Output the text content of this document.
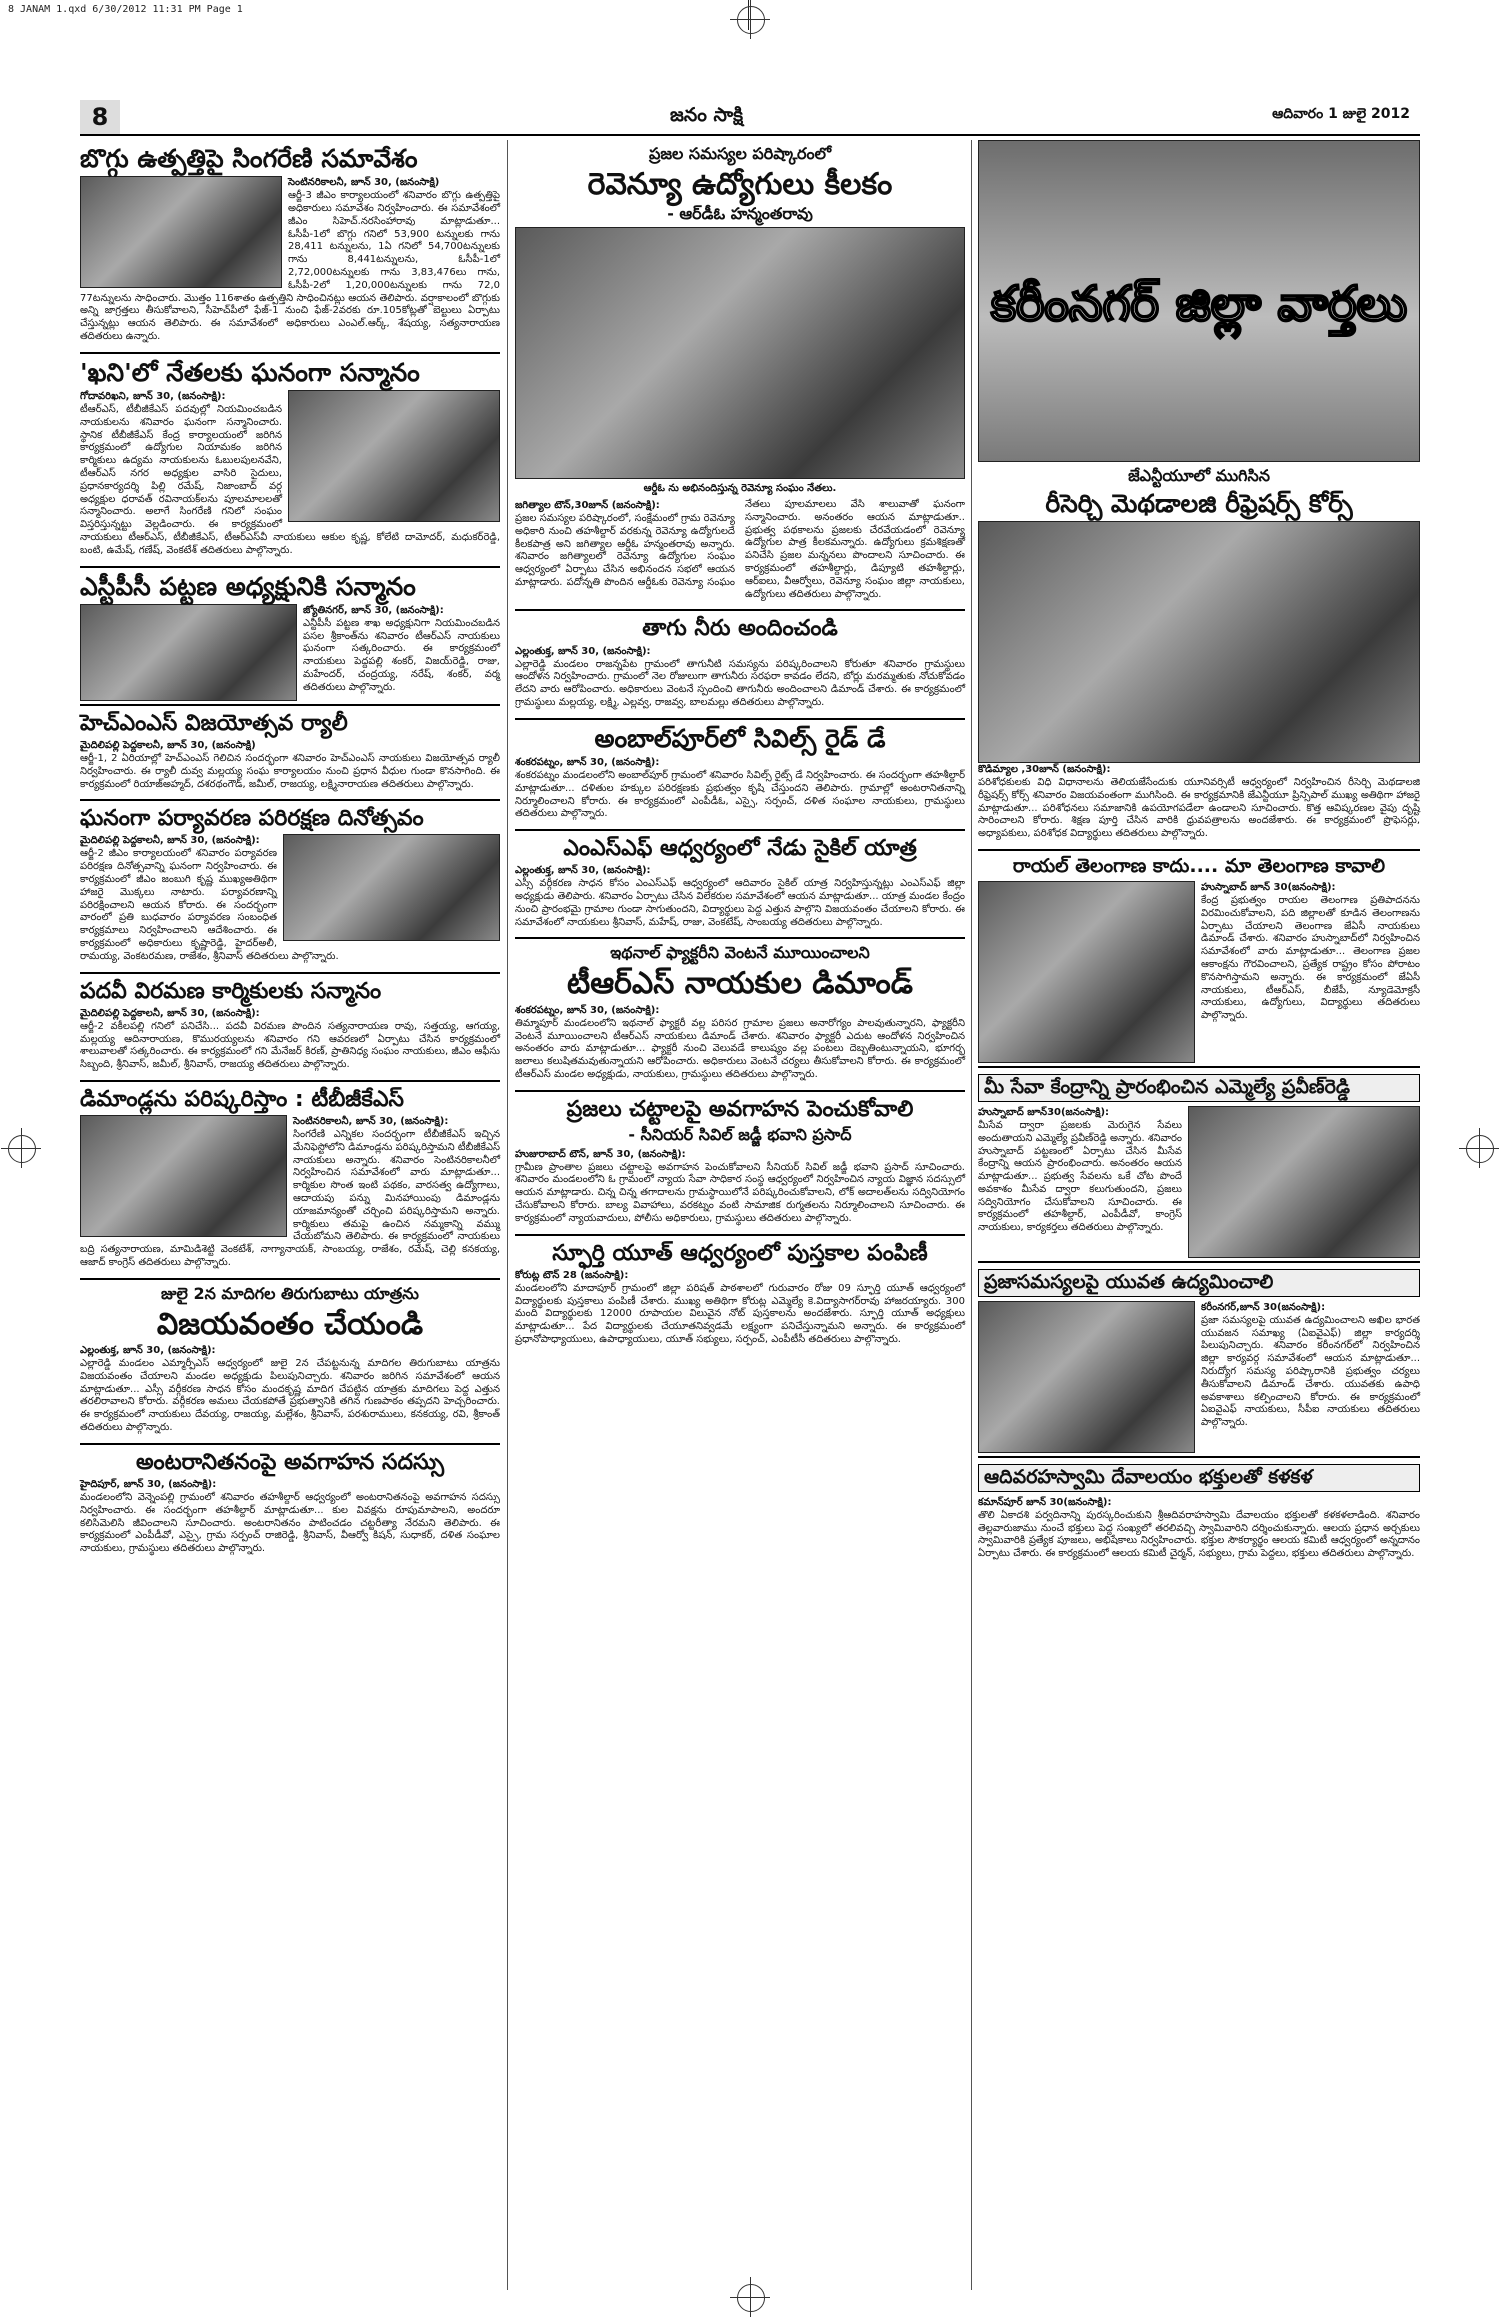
8 JANAM 1.qxd 6/30/2012 11:31 PM Page 1
8	జనం సాక్షి	ఆదివారం 1 జులై 2012
బొగ్గు ఉత్పత్తిపై సింగరేణి సమావేశం
సెంటినరికాలనీ, జూన్‌ 30, (జనంసాక్షి)

ఆర్జీ-3 జీఎం కార్యాలయంలో శనివారం బొగ్గు ఉత్పత్తిపై అధికారులు సమావేశం నిర్వహించారు. ఈ సమావేశంలో జీఎం సిహెచ్‌.నరసింహారావు మాట్లాడుతూ... ఓసీపీ-1లో బొగ్గు గనిలో 53,900 టన్నులకు గాను 28,411 టన్నులను, 1ఏ గనిలో 54,700టన్నులకు గాను 8,441టన్నులను, ఓసీపీ-1లో 2,72,000టన్నులకు గాను 3,83,476లు గాను, ఓసీపీ-2లో 1,20,000టన్నులకు గాను 72,0 77టన్నులను సాధించారు. మొత్తం 116శాతం ఉత్పత్తిని సాధించినట్లు ఆయన తెలిపారు. వర్షాకాలంలో బొగ్గుకు అన్ని జాగ్రత్తలు తీసుకోవాలని, సీహెచ్‌పీలో ఫేజ్‌-1 నుంచి ఫేజ్‌-2వరకు రూ.105కోట్లతో బెల్టులు ఏర్పాటు చేస్తున్నట్లు ఆయన తెలిపారు. ఈ సమావేశంలో అధికారులు ఎంఎల్‌.ఆర్క్‌, శేషయ్య, సత్యనారాయణ తదితరులు ఉన్నారు.

'ఖని'లో నేతలకు ఘనంగా సన్మానం
గోదావరిఖని, జూన్‌ 30, (జనంసాక్షి):

టీఆర్‌ఎస్‌, టీబీజీకేఎస్‌ పదవుల్లో నియమించబడిన నాయకులను శనివారం ఘనంగా సన్మానించారు. స్థానిక టీబీజీకేఎస్‌ కేంద్ర కార్యాలయంలో జరిగిన కార్యక్రమంలో ఉద్యోగుల నియామకం జరిగిన కార్మికులు ఉద్యమ నాయకులను ఓబులపులనవేని, టీఆర్‌ఎస్‌ నగర అధ్యక్షుల వాసిరి సైదులు, ప్రధానకార్యదర్శి పిల్లి రమేష్‌, నిజాంబాద్‌ వర్గ అధ్యక్షుల ధరావత్‌ రవినాయక్‌లను పూలమాలలతో సన్మానించారు. అలాగే సింగరేణి గనిలో సంఘం విస్తరిస్తున్నట్టు వెల్లడించారు. ఈ కార్యక్రమంలో నాయకులు టీఆర్‌ఎస్‌, టీబీజీకేఎస్‌, టీఆర్‌ఎస్‌వీ నాయకులు ఆకుల కృష్ణ, కోలేటి దామోదర్‌, మధుకర్‌రెడ్డి, బంటి, ఉమేష్‌, గణేష్‌, వెంకటేశ్‌ తదితరులు పాల్గొన్నారు.

ఎస్టీపీసీ పట్టణ అధ్యక్షునికి సన్మానం
జ్యోతినగర్‌, జూన్‌ 30, (జనంసాక్షి):

ఎన్టీపీసీ పట్టణ శాఖ అధ్యక్షునిగా నియమించబడిన పసల శ్రీకాంత్‌ను శనివారం టీఆర్‌ఎస్‌ నాయకులు ఘనంగా సత్కరించారు. ఈ కార్యక్రమంలో నాయకులు పెద్దపల్లి శంకర్‌, విజయ్‌రెడ్డి, రాజు, మహేందర్‌, చంద్రయ్య, నరేష్‌, శంకర్‌, వర్మ తదితరులు పాల్గొన్నారు.

హెచ్‌ఎంఎస్‌ విజయోత్సవ ర్యాలీ
మైదిలిపల్లి పెద్దకాలనీ, జూన్‌ 30, (జనంసాక్షి)

ఆర్జీ-1, 2 ఏరియాల్లో హెచ్‌ఎంఎస్‌ గెలిచిన సందర్భంగా శనివారం హెచ్‌ఎంఎస్‌ నాయకులు విజయోత్సవ ర్యాలీ నిర్వహించారు. ఈ ర్యాలీ దువ్వ మల్లయ్య సంఘ కార్యాలయం నుంచి ప్రధాన వీధుల గుండా కొనసాగింది. ఈ కార్యక్రమంలో రియాజ్‌అహ్మద్‌, దశరథంగౌడ్‌, జమీల్‌, రాజయ్య, లక్ష్మినారాయణ తదితరులు పాల్గొన్నారు.

ఘనంగా పర్యావరణ పరిరక్షణ దినోత్సవం
మైదిలిపల్లి పెద్దకాలనీ, జూన్‌ 30, (జనంసాక్షి):

ఆర్జీ-2 జీఎం కార్యాలయంలో శనివారం పర్యావరణ పరిరక్షణ దినోత్సవాన్ని ఘనంగా నిర్వహించారు. ఈ కార్యక్రమంలో జీఎం జంబుగి కృష్ణ ముఖ్యఅతిథిగా హాజరై మొక్కలు నాటారు. పర్యావరణాన్ని పరిరక్షించాలని ఆయన కోరారు. ఈ సందర్భంగా వారంలో ప్రతి బుధవారం పర్యావరణ సంబంధిత కార్యక్రమాలు నిర్వహించాలని ఆదేశించారు. ఈ కార్యక్రమంలో అధికారులు కృష్ణారెడ్డి, హైదర్‌అలీ, రామయ్య, వెంకటరమణ, రాజేశం, శ్రీనివాస్‌ తదితరులు పాల్గొన్నారు.

పదవీ విరమణ కార్మికులకు సన్మానం
మైదిలిపల్లి పెద్దకాలనీ, జూన్‌ 30, (జనంసాక్షి):

ఆర్జీ-2 వకీలపల్లి గనిలో పనిచేసి... పదవీ విరమణ పొందిన సత్యనారాయణ రావు, సత్తయ్య, ఆగయ్య, మల్లయ్య ఆదినారాయణ, కొమురయ్యలను శనివారం గని ఆవరణలో ఏర్పాటు చేసిన కార్యక్రమంలో శాలువాలతో సత్కరించారు. ఈ కార్యక్రమంలో గని మేనేజర్‌ కిరణ్‌, ప్రాతినిధ్య సంఘం నాయకులు, జీఎం ఆఫీసు సిబ్బంది, శ్రీనివాస్‌, జమీల్‌, శ్రీనివాస్‌, రాజయ్య తదితరులు పాల్గొన్నారు.

డిమాండ్లను పరిష్కరిస్తాం : టీబీజీకేఎస్‌
సెంటినరికాలనీ, జూన్‌ 30, (జనంసాక్షి):

సింగరేణి ఎన్నికల సందర్భంగా టీబీజీకేఎస్‌ ఇచ్చిన మేనిఫెస్టోలోని డిమాండ్లను పరిష్కరిస్తామని టీబీజీకేఎస్‌ నాయకులు అన్నారు. శనివారం సెంటినరికాలనీలో నిర్వహించిన సమావేశంలో వారు మాట్లాడుతూ... కార్మికుల సొంత ఇంటి పథకం, వారసత్వ ఉద్యోగాలు, ఆదాయపు పన్ను మినహాయింపు డిమాండ్లను యాజమాన్యంతో చర్చించి పరిష్కరిస్తామని అన్నారు. కార్మికులు తమపై ఉంచిన నమ్మకాన్ని వమ్ము చేయబోమని తెలిపారు. ఈ కార్యక్రమంలో నాయకులు బద్రి సత్యనారాయణ, మామిడిశెట్టి వెంకటేశ్‌, నాగ్యానాయక్‌, సాంబయ్య, రాజేశం, రమేష్‌, చెల్లి కనకయ్య, ఆజాద్‌ కాంగ్రెస్‌ తదితరులు పాల్గొన్నారు.

జులై 2న మాదిగల తిరుగుబాటు యాత్రను
విజయవంతం చేయండి
ఎల్లంతుక్త, జూన్‌ 30, (జనంసాక్షి):

ఎల్లారెడ్డి మండలం ఎమ్మార్పీఎస్‌ ఆధ్వర్యంలో జులై 2న చేపట్టనున్న మాదిగల తిరుగుబాటు యాత్రను విజయవంతం చేయాలని మండల అధ్యక్షుడు పిలుపునిచ్చారు. శనివారం జరిగిన సమావేశంలో ఆయన మాట్లాడుతూ... ఎస్సీ వర్గీకరణ సాధన కోసం మందకృష్ణ మాదిగ చేపట్టిన యాత్రకు మాదిగలు పెద్ద ఎత్తున తరలిరావాలని కోరారు. వర్గీకరణ అమలు చేయకపోతే ప్రభుత్వానికి తగిన గుణపాఠం తప్పదని హెచ్చరించారు. ఈ కార్యక్రమంలో నాయకులు దేవయ్య, రాజయ్య, మల్లేశం, శ్రీనివాస్‌, పరశురాములు, కనకయ్య, రవి, శ్రీకాంత్‌ తదితరులు పాల్గొన్నారు.

అంటరానితనంపై అవగాహన సదస్సు
హైదిపూర్‌, జూన్‌ 30, (జనంసాక్షి):

మండలంలోని వెన్నెంపల్లి గ్రామంలో శనివారం తహశీల్దార్‌ ఆధ్వర్యంలో అంటరానితనంపై అవగాహన సదస్సు నిర్వహించారు. ఈ సందర్భంగా తహశీల్దార్‌ మాట్లాడుతూ... కుల వివక్షను రూపుమాపాలని, అందరూ కలిసిమెలిసి జీవించాలని సూచించారు. అంటరానితనం పాటించడం చట్టరీత్యా నేరమని తెలిపారు. ఈ కార్యక్రమంలో ఎంపీడీవో, ఎస్సై, గ్రామ సర్పంచ్‌ రాజిరెడ్డి, శ్రీనివాస్‌, వీఆర్వో కిషన్‌, సుధాకర్‌, దళిత సంఘాల నాయకులు, గ్రామస్థులు తదితరులు పాల్గొన్నారు.

ప్రజల సమస్యల పరిష్కారంలో
రెవెన్యూ ఉద్యోగులు కీలకం
- ఆర్‌డీఓ హన్మంతరావు
ఆర్డీఓ ను అభినందిస్తున్న రెవెన్యూ సంఘం నేతలు.
జగిత్యాల టౌన్‌,30జూన్‌ (జనంసాక్షి):

ప్రజల సమస్యల పరిష్కారంలో, సంక్షేమంలో గ్రామ రెవెన్యూ అధికారి నుంచి తహశీల్దార్‌ వరకున్న రెవెన్యూ ఉద్యోగులదే కీలకపాత్ర అని జగిత్యాల ఆర్డీఓ హన్మంతరావు అన్నారు. శనివారం జగిత్యాలలో రెవెన్యూ ఉద్యోగుల సంఘం ఆధ్వర్యంలో ఏర్పాటు చేసిన అభినందన సభలో ఆయన మాట్లాడారు. పదోన్నతి పొందిన ఆర్డీఓకు రెవెన్యూ సంఘం నేతలు పూలమాలలు వేసి శాలువాతో ఘనంగా సన్మానించారు. అనంతరం ఆయన మాట్లాడుతూ.. ప్రభుత్వ పథకాలను ప్రజలకు చేరవేయడంలో రెవెన్యూ ఉద్యోగుల పాత్ర కీలకమన్నారు. ఉద్యోగులు క్రమశిక్షణతో పనిచేసి ప్రజల మన్ననలు పొందాలని సూచించారు. ఈ కార్యక్రమంలో తహశీల్దార్లు, డిప్యూటి తహశీల్దార్లు, ఆర్‌ఐలు, వీఆర్వోలు, రెవెన్యూ సంఘం జిల్లా నాయకులు, ఉద్యోగులు తదితరులు పాల్గొన్నారు.

తాగు నీరు అందించండి
ఎల్లంతుక్త, జూన్‌ 30, (జనంసాక్షి):

ఎల్లారెడ్డి మండలం రాజన్నపేట గ్రామంలో తాగునీటి సమస్యను పరిష్కరించాలని కోరుతూ శనివారం గ్రామస్థులు ఆందోళన నిర్వహించారు. గ్రామంలో నెల రోజులుగా తాగునీరు సరఫరా కావడం లేదని, బోర్లు మరమ్మతుకు నోచుకోవడం లేదని వారు ఆరోపించారు. అధికారులు వెంటనే స్పందించి తాగునీరు అందించాలని డిమాండ్‌ చేశారు. ఈ కార్యక్రమంలో గ్రామస్థులు మల్లయ్య, లక్ష్మి, ఎల్లవ్వ, రాజవ్వ, బాలమల్లు తదితరులు పాల్గొన్నారు.

అంబాల్‌పూర్‌లో సివిల్స్‌ రైడ్‌ డే
శంకరపట్నం, జూన్‌ 30, (జనంసాక్షి):

శంకరపట్నం మండలంలోని అంబాల్‌పూర్‌ గ్రామంలో శనివారం సివిల్స్‌ రైట్స్‌ డే నిర్వహించారు. ఈ సందర్భంగా తహశీల్దార్‌ మాట్లాడుతూ... దళితుల హక్కుల పరిరక్షణకు ప్రభుత్వం కృషి చేస్తుందని తెలిపారు. గ్రామాల్లో అంటరానితనాన్ని నిర్మూలించాలని కోరారు. ఈ కార్యక్రమంలో ఎంపీడీఓ, ఎస్సై, సర్పంచ్‌, దళిత సంఘాల నాయకులు, గ్రామస్థులు తదితరులు పాల్గొన్నారు.

ఎంఎస్‌ఎఫ్‌ ఆధ్వర్యంలో నేడు సైకిల్‌ యాత్ర
ఎల్లంతుక్త, జూన్‌ 30, (జనంసాక్షి):

ఎస్సీ వర్గీకరణ సాధన కోసం ఎంఎస్‌ఎఫ్‌ ఆధ్వర్యంలో ఆదివారం సైకిల్‌ యాత్ర నిర్వహిస్తున్నట్లు ఎంఎస్‌ఎఫ్‌ జిల్లా అధ్యక్షుడు తెలిపారు. శనివారం ఏర్పాటు చేసిన విలేకరుల సమావేశంలో ఆయన మాట్లాడుతూ... యాత్ర మండల కేంద్రం నుంచి ప్రారంభమై గ్రామాల గుండా సాగుతుందని, విద్యార్థులు పెద్ద ఎత్తున పాల్గొని విజయవంతం చేయాలని కోరారు. ఈ సమావేశంలో నాయకులు శ్రీనివాస్‌, మహేష్‌, రాజు, వెంకటేష్‌, సాంబయ్య తదితరులు పాల్గొన్నారు.

ఇథనాల్‌ ఫ్యాక్టరీని వెంటనే మూయించాలని
టీఆర్‌ఎస్‌ నాయకుల డిమాండ్‌
శంకరపట్నం, జూన్‌ 30, (జనంసాక్షి):

తిమ్మాపూర్‌ మండలంలోని ఇథనాల్‌ ఫ్యాక్టరీ వల్ల పరిసర గ్రామాల ప్రజలు అనారోగ్యం పాలవుతున్నారని, ఫ్యాక్టరీని వెంటనే మూయించాలని టీఆర్‌ఎస్‌ నాయకులు డిమాండ్‌ చేశారు. శనివారం ఫ్యాక్టరీ ఎదుట ఆందోళన నిర్వహించిన అనంతరం వారు మాట్లాడుతూ... ఫ్యాక్టరీ నుంచి వెలువడే కాలుష్యం వల్ల పంటలు దెబ్బతింటున్నాయని, భూగర్భ జలాలు కలుషితమవుతున్నాయని ఆరోపించారు. అధికారులు వెంటనే చర్యలు తీసుకోవాలని కోరారు. ఈ కార్యక్రమంలో టీఆర్‌ఎస్‌ మండల అధ్యక్షుడు, నాయకులు, గ్రామస్థులు తదితరులు పాల్గొన్నారు.

ప్రజలు చట్టాలపై అవగాహన పెంచుకోవాలి
- సీనియర్‌ సివిల్‌ జడ్జీ భవాని ప్రసాద్‌
హుజురాబాద్‌ టౌన్‌, జూన్‌ 30, (జనంసాక్షి):

గ్రామీణ ప్రాంతాల ప్రజలు చట్టాలపై అవగాహన పెంచుకోవాలని సీనియర్‌ సివిల్‌ జడ్జీ భవాని ప్రసాద్‌ సూచించారు. శనివారం మండలంలోని ఓ గ్రామంలో న్యాయ సేవా సాధికార సంస్థ ఆధ్వర్యంలో నిర్వహించిన న్యాయ విజ్ఞాన సదస్సులో ఆయన మాట్లాడారు. చిన్న చిన్న తగాదాలను గ్రామస్థాయిలోనే పరిష్కరించుకోవాలని, లోక్‌ అదాలత్‌లను సద్వినియోగం చేసుకోవాలని కోరారు. బాల్య వివాహాలు, వరకట్నం వంటి సామాజిక రుగ్మతలను నిర్మూలించాలని సూచించారు. ఈ కార్యక్రమంలో న్యాయవాదులు, పోలీసు అధికారులు, గ్రామస్థులు తదితరులు పాల్గొన్నారు.

స్ఫూర్తి యూత్‌ ఆధ్వర్యంలో పుస్తకాల పంపిణీ
కోరుట్ల టౌన్‌ 28 (జనంసాక్షి):

మండలంలోని మాదాపూర్‌ గ్రామంలో జిల్లా పరిషత్‌ పాఠశాలలో గురువారం రోజు 09 స్ఫూర్తి యూత్‌ ఆధ్వర్యంలో విద్యార్థులకు పుస్తకాలు పంపిణీ చేశారు. ముఖ్య అతిథిగా కోరుట్ల ఎమ్మెల్యే కె.విద్యాసాగర్‌రావు హాజరయ్యారు. 300 మంది విద్యార్థులకు 12000 రూపాయల విలువైన నోట్‌ పుస్తకాలను అందజేశారు. స్ఫూర్తి యూత్‌ అధ్యక్షులు మాట్లాడుతూ... పేద విద్యార్థులకు చేయూతనివ్వడమే లక్ష్యంగా పనిచేస్తున్నామని అన్నారు. ఈ కార్యక్రమంలో ప్రధానోపాధ్యాయులు, ఉపాధ్యాయులు, యూత్‌ సభ్యులు, సర్పంచ్‌, ఎంపీటీసీ తదితరులు పాల్గొన్నారు.

కరీంనగర్‌ జిల్లా వార్తలు
జేఎన్టీయూలో ముగిసిన
రీసెర్చి మెథడాలజి రీఫ్రెషర్స్‌ కోర్స్‌
కొడిమ్యాల ,30జూన్‌ (జనంసాక్షి):

పరిశోధకులకు విధి విధానాలను తెలియజేసేందుకు యూనివర్సిటీ ఆధ్వర్యంలో నిర్వహించిన రీసెర్చి మెథడాలజి రీఫ్రెషర్స్‌ కోర్స్‌ శనివారం విజయవంతంగా ముగిసింది. ఈ కార్యక్రమానికి జేఎన్టీయూ ప్రిన్సిపాల్‌ ముఖ్య అతిథిగా హాజరై మాట్లాడుతూ... పరిశోధనలు సమాజానికి ఉపయోగపడేలా ఉండాలని సూచించారు. కొత్త ఆవిష్కరణల వైపు దృష్టి సారించాలని కోరారు. శిక్షణ పూర్తి చేసిన వారికి ధ్రువపత్రాలను అందజేశారు. ఈ కార్యక్రమంలో ప్రొఫెసర్లు, అధ్యాపకులు, పరిశోధక విద్యార్థులు తదితరులు పాల్గొన్నారు.

రాయల్‌ తెలంగాణ కాదు.... మా తెలంగాణ కావాలి
హుస్నాబాద్‌ జూన్‌ 30(జనంసాక్షి):

కేంద్ర ప్రభుత్వం రాయల తెలంగాణ ప్రతిపాదనను విరమించుకోవాలని, పది జిల్లాలతో కూడిన తెలంగాణను ఏర్పాటు చేయాలని తెలంగాణ జేఏసీ నాయకులు డిమాండ్‌ చేశారు. శనివారం హుస్నాబాద్‌లో నిర్వహించిన సమావేశంలో వారు మాట్లాడుతూ... తెలంగాణ ప్రజల ఆకాంక్షను గౌరవించాలని, ప్రత్యేక రాష్ట్రం కోసం పోరాటం కొనసాగిస్తామని అన్నారు. ఈ కార్యక్రమంలో జేఏసీ నాయకులు, టీఆర్‌ఎస్‌, బీజేపీ, న్యూడెమోక్రసీ నాయకులు, ఉద్యోగులు, విద్యార్థులు తదితరులు పాల్గొన్నారు.

మీ సేవా కేంద్రాన్ని ప్రారంభించిన ఎమ్మెల్యే ప్రవీణ్‌రెడ్డి
హుస్నాబాద్‌ జూన్‌30(జనంసాక్షి):

మీసేవ ద్వారా ప్రజలకు మెరుగైన సేవలు అందుతాయని ఎమ్మెల్యే ప్రవీణ్‌రెడ్డి అన్నారు. శనివారం హుస్నాబాద్‌ పట్టణంలో ఏర్పాటు చేసిన మీసేవ కేంద్రాన్ని ఆయన ప్రారంభించారు. అనంతరం ఆయన మాట్లాడుతూ... ప్రభుత్వ సేవలను ఒకే చోట పొందే అవకాశం మీసేవ ద్వారా కలుగుతుందని, ప్రజలు సద్వినియోగం చేసుకోవాలని సూచించారు. ఈ కార్యక్రమంలో తహశీల్దార్‌, ఎంపీడీవో, కాంగ్రెస్‌ నాయకులు, కార్యకర్తలు తదితరులు పాల్గొన్నారు.

ప్రజాసమస్యలపై యువత ఉద్యమించాలి
కరీంనగర్‌,జూన్‌ 30(జనంసాక్షి):

ప్రజా సమస్యలపై యువత ఉద్యమించాలని అఖిల భారత యువజన సమాఖ్య (ఏఐవైఎఫ్‌) జిల్లా కార్యదర్శి పిలుపునిచ్చారు. శనివారం కరీంనగర్‌లో నిర్వహించిన జిల్లా కార్యవర్గ సమావేశంలో ఆయన మాట్లాడుతూ... నిరుద్యోగ సమస్య పరిష్కారానికి ప్రభుత్వం చర్యలు తీసుకోవాలని డిమాండ్‌ చేశారు. యువతకు ఉపాధి అవకాశాలు కల్పించాలని కోరారు. ఈ కార్యక్రమంలో ఏఐవైఎఫ్‌ నాయకులు, సీపీఐ నాయకులు తదితరులు పాల్గొన్నారు.

ఆదివరహస్వామి దేవాలయం భక్తులతో కళకళ
కమాన్‌పూర్‌ జూన్‌ 30(జనంసాక్షి):

తొలి ఏకాదశి పర్వదినాన్ని పురస్కరించుకుని శ్రీఆదివరాహస్వామి దేవాలయం భక్తులతో కళకళలాడింది. శనివారం తెల్లవారుజాము నుంచే భక్తులు పెద్ద సంఖ్యలో తరలివచ్చి స్వామివారిని దర్శించుకున్నారు. ఆలయ ప్రధాన అర్చకులు స్వామివారికి ప్రత్యేక పూజలు, అభిషేకాలు నిర్వహించారు. భక్తుల సౌకర్యార్థం ఆలయ కమిటీ ఆధ్వర్యంలో అన్నదానం ఏర్పాటు చేశారు. ఈ కార్యక్రమంలో ఆలయ కమిటీ చైర్మన్‌, సభ్యులు, గ్రామ పెద్దలు, భక్తులు తదితరులు పాల్గొన్నారు.
